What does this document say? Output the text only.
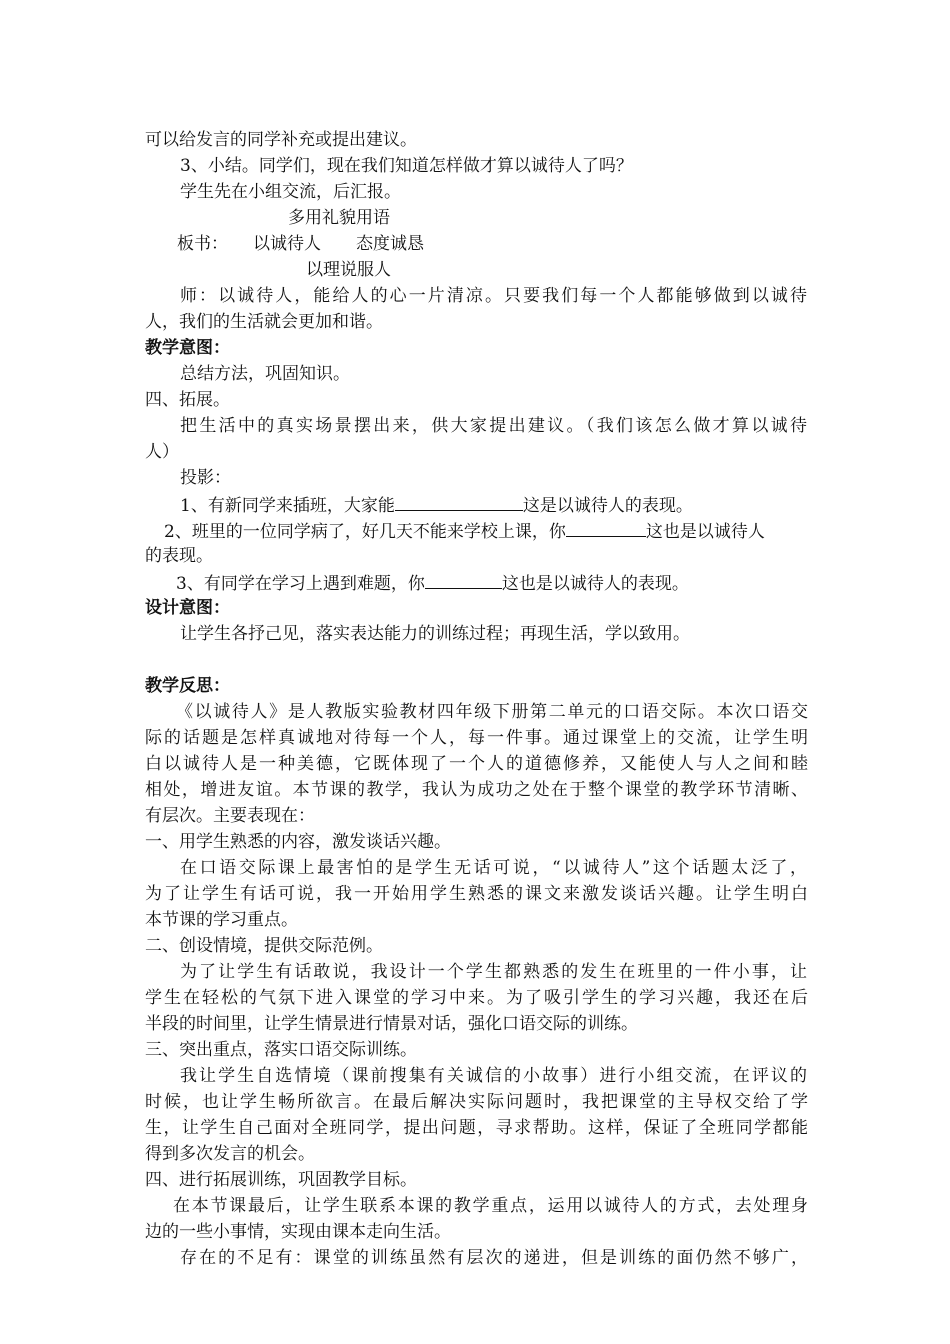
可以给发言的同学补充或提出建议。
3、小结。同学们，现在我们知道怎样做才算以诚待人了吗？
学生先在小组交流，后汇报。
多用礼貌用语
板书：	以诚待人	态度诚恳
以理说服人
师：以诚待人，能给人的心一片清凉。只要我们每一个人都能够做到以诚待
人，我们的生活就会更加和谐。
教学意图：
总结方法，巩固知识。
四、拓展。
把生活中的真实场景摆出来，供大家提出建议。（我们该怎么做才算以诚待
人）
投影：
1、有新同学来插班，大家能	这是以诚待人的表现。
2、班里的一位同学病了，好几天不能来学校上课，你	这也是以诚待人
的表现。
3、有同学在学习上遇到难题，你	这也是以诚待人的表现。
设计意图：
让学生各抒己见，落实表达能力的训练过程；再现生活，学以致用。
教学反思：
《以诚待人》是人教版实验教材四年级下册第二单元的口语交际。本次口语交
际的话题是怎样真诚地对待每一个人，每一件事。通过课堂上的交流，让学生明
白以诚待人是一种美德，它既体现了一个人的道德修养，又能使人与人之间和睦
相处，增进友谊。本节课的教学，我认为成功之处在于整个课堂的教学环节清晰、
有层次。主要表现在：
一、用学生熟悉的内容，激发谈话兴趣。
在口语交际课上最害怕的是学生无话可说，“以诚待人”这个话题太泛了，
为了让学生有话可说，我一开始用学生熟悉的课文来激发谈话兴趣。让学生明白
本节课的学习重点。
二、创设情境，提供交际范例。
为了让学生有话敢说，我设计一个学生都熟悉的发生在班里的一件小事，让
学生在轻松的气氛下进入课堂的学习中来。为了吸引学生的学习兴趣，我还在后
半段的时间里，让学生情景进行情景对话，强化口语交际的训练。
三、突出重点，落实口语交际训练。
我让学生自选情境（课前搜集有关诚信的小故事）进行小组交流，在评议的
时候，也让学生畅所欲言。在最后解决实际问题时，我把课堂的主导权交给了学
生，让学生自己面对全班同学，提出问题，寻求帮助。这样，保证了全班同学都能
得到多次发言的机会。
四、进行拓展训练，巩固教学目标。
在本节课最后，让学生联系本课的教学重点，运用以诚待人的方式，去处理身
边的一些小事情，实现由课本走向生活。
存在的不足有：课堂的训练虽然有层次的递进，但是训练的面仍然不够广，
